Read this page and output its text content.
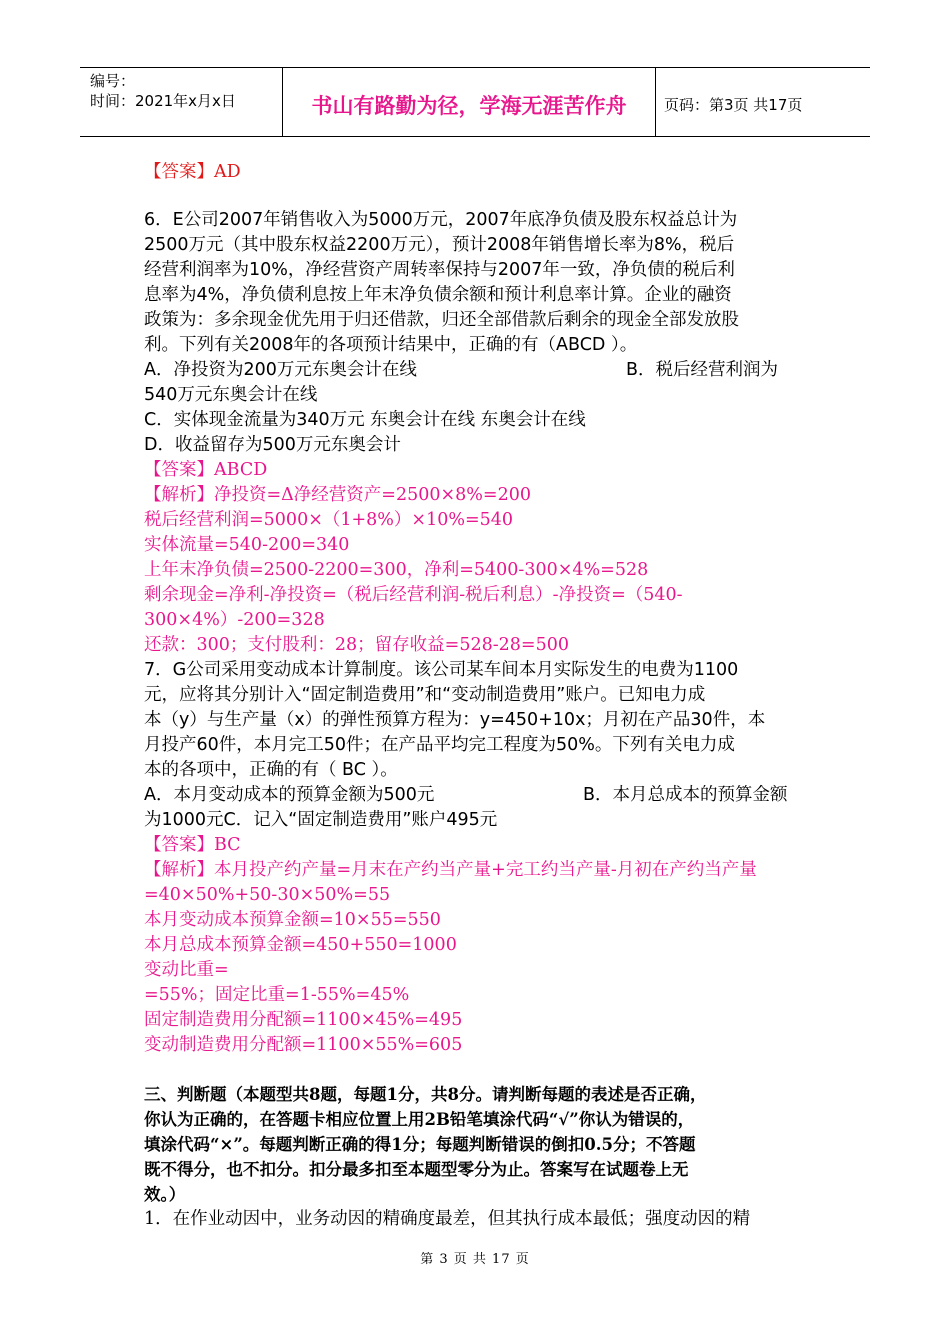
编号：
时间：2021年x月x日	书山有路勤为径，学海无涯苦作舟	页码：第3页 共17页

【答案】AD

6．E公司2007年销售收入为5000万元，2007年底净负债及股东权益总计为

2500万元（其中股东权益2200万元），预计2008年销售增长率为8%，税后

经营利润率为10%，净经营资产周转率保持与2007年一致，净负债的税后利

息率为4%，净负债利息按上年末净负债余额和预计利息率计算。企业的融资

政策为：多余现金优先用于归还借款，归还全部借款后剩余的现金全部发放股

利。下列有关2008年的各项预计结果中，正确的有（ABCD ）。

A．净投资为200万元东奥会计在线	B．税后经营利润为

540万元东奥会计在线

C．实体现金流量为340万元 东奥会计在线 东奥会计在线

D．收益留存为500万元东奥会计

【答案】ABCD

【解析】净投资=Δ净经营资产=2500×8%=200

税后经营利润=5000×（1+8%）×10%=540

实体流量=540-200=340

上年末净负债=2500-2200=300，净利=5400-300×4%=528

剩余现金=净利-净投资=（税后经营利润-税后利息）-净投资=（540-

300×4%）-200=328

还款：300；支付股利：28；留存收益=528-28=500

7．G公司采用变动成本计算制度。该公司某车间本月实际发生的电费为1100

元，应将其分别计入“固定制造费用”和“变动制造费用”账户。已知电力成

本（y）与生产量（x）的弹性预算方程为：y=450+10x；月初在产品30件，本

月投产60件，本月完工50件；在产品平均完工程度为50%。下列有关电力成

本的各项中，正确的有（ BC ）。

A．本月变动成本的预算金额为500元	B．本月总成本的预算金额

为1000元C．记入“固定制造费用”账户495元

【答案】BC

【解析】本月投产约产量=月末在产约当产量+完工约当产量-月初在产约当产量

=40×50%+50-30×50%=55

本月变动成本预算金额=10×55=550

本月总成本预算金额=450+550=1000

变动比重=

=55%；固定比重=1-55%=45%

固定制造费用分配额=1100×45%=495

变动制造费用分配额=1100×55%=605

三、判断题（本题型共8题，每题1分，共8分。请判断每题的表述是否正确，

你认为正确的，在答题卡相应位置上用2B铅笔填涂代码“√”你认为错误的，

填涂代码“×”。每题判断正确的得1分；每题判断错误的倒扣0.5分；不答题

既不得分，也不扣分。扣分最多扣至本题型零分为止。答案写在试题卷上无

效。）

1．在作业动因中，业务动因的精确度最差，但其执行成本最低；强度动因的精

第 3 页 共 17 页
